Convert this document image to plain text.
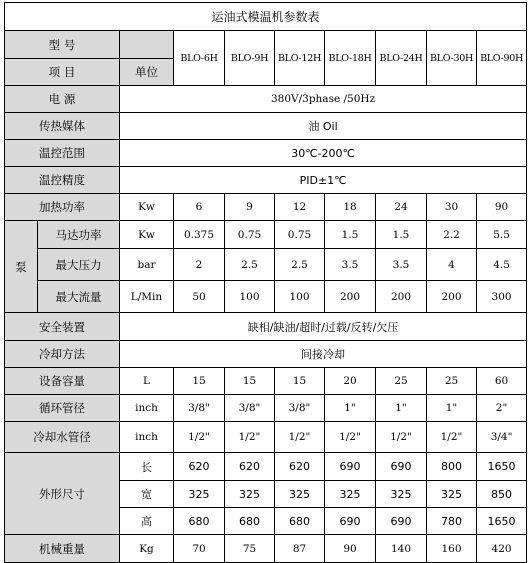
运油式模温机参数表									
型 号			BLO-6H	BLO-9H	BLO-12H	BLO-18H	BLO-24H	BLO-30H	BLO-90H
项 目		单位							
电 源		380V/3phase /50Hz							
传热媒体		油 Oil							
温控范围		30℃-200℃							
温控精度		PID±1℃							
加热功率		Kw	6	9	12	18	24	30	90
泵	马达功率	Kw	0.375	0.75	0.75	1.5	1.5	2.2	5.5
	最大压力	bar	2	2.5	2.5	3.5	3.5	4	4.5
	最大流量	L/Min	50	100	100	200	200	200	300
安全装置		缺相/缺油/超时/过载/反转/欠压							
冷却方法		间接冷却							
设备容量		L	15	15	15	20	25	25	60
循环管径		inch	3/8"	3/8"	3/8"	1"	1"	1"	2"
冷却水管径		inch	1/2"	1/2"	1/2"	1/2"	1/2"	1/2"	3/4"
外形尺寸		长	620	620	620	690	690	800	1650
		宽	325	325	325	325	325	325	850
		高	680	680	680	690	690	780	1650
机械重量		Kg	70	75	87	90	140	160	420
